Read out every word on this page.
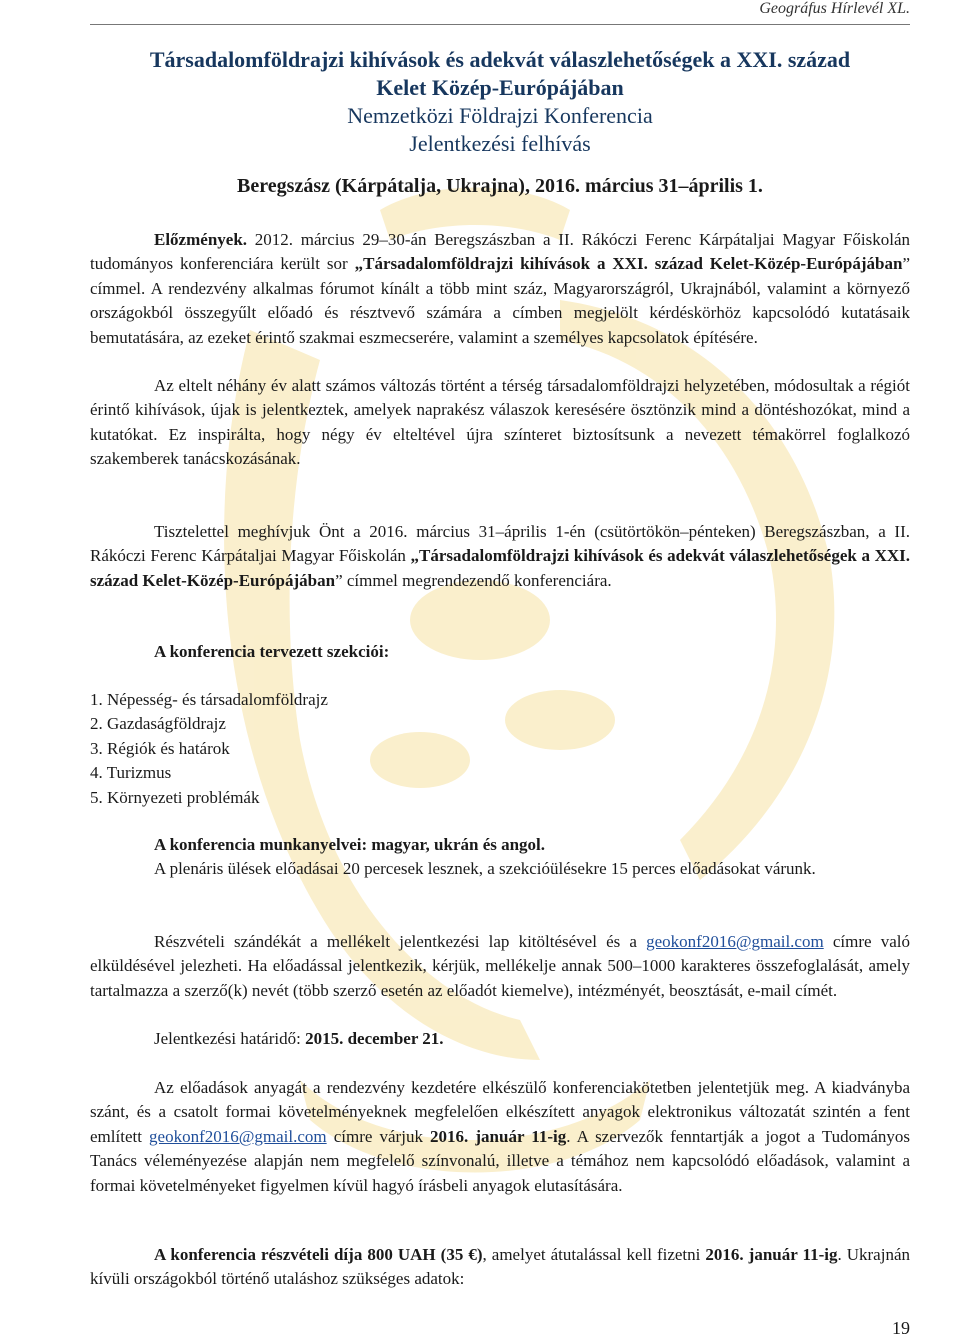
Geográfus Hírlevél XL.
Társadalomföldrajzi kihívások és adekvát válaszlehetőségek a XXI. század
Kelet Közép-Európájában
Nemzetközi Földrajzi Konferencia
Jelentkezési felhívás
Beregszász (Kárpátalja, Ukrajna), 2016. március 31–április 1.
Előzmények. 2012. március 29–30-án Beregszászban a II. Rákóczi Ferenc Kárpátaljai Magyar Főiskolán tudományos konferenciára került sor „Társadalomföldrajzi kihívások a XXI. század Kelet-Közép-Európájában” címmel. A rendezvény alkalmas fórumot kínált a több mint száz, Magyarországról, Ukrajnából, valamint a környező országokból összegyűlt előadó és résztvevő számára a címben megjelölt kérdéskörhöz kapcsolódó kutatásaik bemutatására, az ezeket érintő szakmai eszmecserére, valamint a személyes kapcsolatok építésére.
Az eltelt néhány év alatt számos változás történt a térség társadalomföldrajzi helyzetében, módosultak a régiót érintő kihívások, újak is jelentkeztek, amelyek naprakész válaszok keresésére ösztönzik mind a döntéshozókat, mind a kutatókat. Ez inspirálta, hogy négy év elteltével újra színteret biztosítsunk a nevezett témakörrel foglalkozó szakemberek tanácskozásának.
Tisztelettel meghívjuk Önt a 2016. március 31–április 1-én (csütörtökön–pénteken) Beregszászban, a II. Rákóczi Ferenc Kárpátaljai Magyar Főiskolán „Társadalomföldrajzi kihívások és adekvát válaszlehetőségek a XXI. század Kelet-Közép-Európájában” címmel megrendezendő konferenciára.
A konferencia tervezett szekciói:
1. Népesség- és társadalomföldrajz
2. Gazdaságföldrajz
3. Régiók és határok
4. Turizmus
5. Környezeti problémák
A konferencia munkanyelvei: magyar, ukrán és angol.
A plenáris ülések előadásai 20 percesek lesznek, a szekcióülésekre 15 perces előadásokat várunk.
Részvételi szándékát a mellékelt jelentkezési lap kitöltésével és a geokonf2016@gmail.com címre való elküldésével jelezheti. Ha előadással jelentkezik, kérjük, mellékelje annak 500–1000 karakteres összefoglalását, amely tartalmazza a szerző(k) nevét (több szerző esetén az előadót kiemelve), intézményét, beosztását, e-mail címét.
Jelentkezési határidő: 2015. december 21.
Az előadások anyagát a rendezvény kezdetére elkészülő konferenciakötetben jelentetjük meg. A kiadványba szánt, és a csatolt formai követelményeknek megfelelően elkészített anyagok elektronikus változatát szintén a fent említett geokonf2016@gmail.com címre várjuk 2016. január 11-ig. A szervezők fenntartják a jogot a Tudományos Tanács véleményezése alapján nem megfelelő színvonalú, illetve a témához nem kapcsolódó előadások, valamint a formai követelményeket figyelmen kívül hagyó írásbeli anyagok elutasítására.
A konferencia részvételi díja 800 UAH (35 €), amelyet átutalással kell fizetni 2016. január 11-ig. Ukrajnán kívüli országokból történő utaláshoz szükséges adatok:
19
